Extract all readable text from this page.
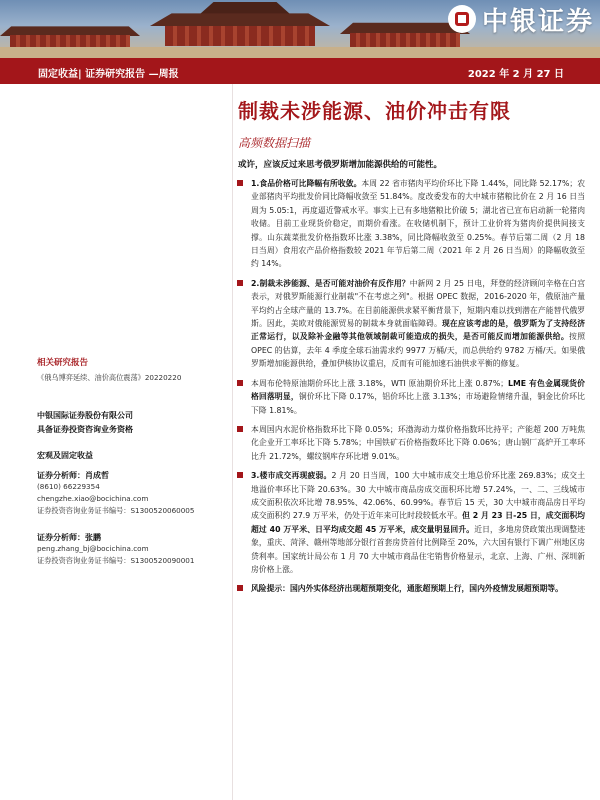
中银证券
固定收益| 证券研究报告 —周报	2022 年 2 月 27 日
制裁未涉能源、油价冲击有限
高频数据扫描
或许，应该反过来思考俄罗斯增加能源供给的可能性。

1.食品价格可比降幅有所收敛。本周 22 省市猪肉平均价环比下降 1.44%，同比降 52.17%；农业部猪肉平均批发价同比降幅收敛至 51.84%。度改委发布的大中城市猪粮比价在 2 月 16 日当周为 5.05:1，再度逼近警戒水平。事实上已有多地猪粮比价破 5；湖北省已宣布启动新一轮猪肉收储。目前工业现货价稳定，而期价看涨。在收储机制下，预计工业价将为猪肉价提供间接支撑。山东蔬菜批发价格指数环比涨 3.38%，同比降幅收敛至 0.25%。春节后第二周（2 月 18 日当周）食用农产品价格指数较 2021 年节后第二周（2021 年 2 月 26 日当周）的降幅收敛至约 14%。

2.制裁未涉能源、是否可能对油价有反作用？中新网 2 月 25 日电，拜登的经济顾问辛格在白宫表示，对俄罗斯能源行业制裁"不在考虑之列"。根据 OPEC 数据，2016-2020 年，俄原油产量平均约占全球产量的 13.7%。在目前能源供求紧平衡背景下，短期内难以找到潜在产能替代俄罗斯。因此，美欧对俄能源贸易的制裁本身就面临障碍。现在应该考虑的是，俄罗斯为了支持经济正常运行，以及除补金融等其他领域制裁可能造成的损失，是否可能反而增加能源供给。按照 OPEC 的估算，去年 4 季度全球石油需求约 9977 万桶/天，而总供给约 9782 万桶/天。如果俄罗斯增加能源供给，叠加伊核协议重启，反而有可能加速石油供求平衡的修复。

本周布伦特原油期价环比上涨 3.18%，WTI 原油期价环比上涨 0.87%；LME 有色金属现货价格回落明显，铜价环比下降 0.17%，铝价环比上涨 3.13%；市场避险情绪升温，铜金比价环比下降 1.81%。

本周国内水泥价格指数环比下降 0.05%；环渤海动力煤价格指数环比持平；产能超 200 万吨焦化企业开工率环比下降 5.78%；中国铁矿石价格指数环比下降 0.06%；唐山钢厂高炉开工率环比升 21.72%，螺纹钢库存环比增 9.01%。

3.楼市成交再现疲弱。2 月 20 日当周，100 大中城市成交土地总价环比涨 269.83%；成交土地溢价率环比下降 20.63%。30 大中城市商品房成交面积环比增 57.24%，一、二、三线城市成交面积依次环比增 78.95%、42.06%、60.99%。春节后 15 天，30 大中城市商品房日平均成交面积约 27.9 万平米，仍处于近年来可比时段较低水平。但 2 月 23 日-25 日，成交面积均超过 40 万平米、日平均成交超 45 万平米，成交量明显回升。近日，多地房贷政策出现调整迹象，重庆、菏泽、赣州等地部分银行首套房贷首付比例降至 20%，六大国有银行下调广州地区房贷利率。国家统计局公布 1 月 70 大中城市商品住宅销售价格显示，北京、上海、广州、深圳新房价格上涨。

风险提示：国内外实体经济出现超预期变化，通胀超预期上行，国内外疫情发展超预期等。

相关研究报告
《俄乌博弈延续、油价高位震荡》20220220
中银国际证券股份有限公司
具备证券投资咨询业务资格
宏观及固定收益
证券分析师：肖成哲
(8610) 66229354
chengzhe.xiao@bocichina.com
证券投资咨询业务证书编号：S1300520060005
证券分析师：张鹏
peng.zhang_bj@bocichina.com
证券投资咨询业务证书编号：S1300520090001
